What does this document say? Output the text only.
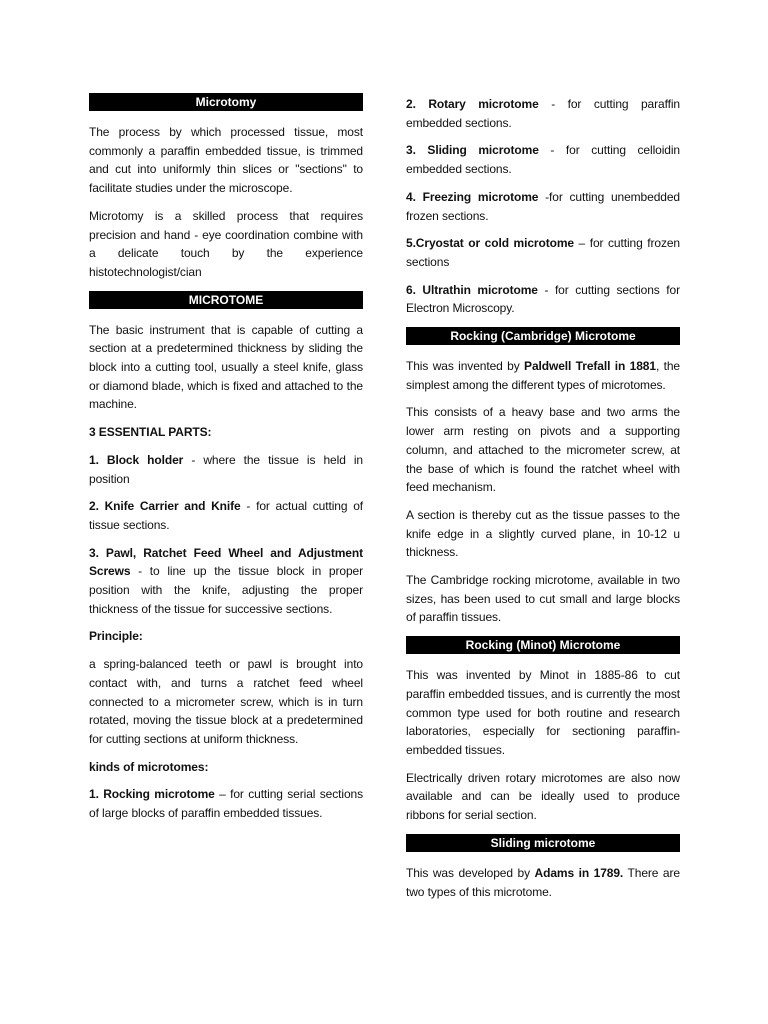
Microtomy

The process by which processed tissue, most commonly a paraffin embedded tissue, is trimmed and cut into uniformly thin slices or "sections" to facilitate studies under the microscope.

Microtomy is a skilled process that requires precision and hand - eye coordination combine with a delicate touch by the experience histotechnologist/cian

MICROTOME

The basic instrument that is capable of cutting a section at a predetermined thickness by sliding the block into a cutting tool, usually a steel knife, glass or diamond blade, which is fixed and attached to the machine.

3 ESSENTIAL PARTS:

1. Block holder - where the tissue is held in position

2. Knife Carrier and Knife - for actual cutting of tissue sections.

3. Pawl, Ratchet Feed Wheel and Adjustment Screws - to line up the tissue block in proper position with the knife, adjusting the proper thickness of the tissue for successive sections.

Principle:

a spring-balanced teeth or pawl is brought into contact with, and turns a ratchet feed wheel connected to a micrometer screw, which is in turn rotated, moving the tissue block at a predetermined for cutting sections at uniform thickness.

kinds of microtomes:

1. Rocking microtome – for cutting serial sections of large blocks of paraffin embedded tissues.

2. Rotary microtome - for cutting paraffin embedded sections.

3. Sliding microtome - for cutting celloidin embedded sections.

4. Freezing microtome -for cutting unembedded frozen sections.

5.Cryostat or cold microtome – for cutting frozen sections

6. Ultrathin microtome - for cutting sections for Electron Microscopy.

Rocking (Cambridge) Microtome

This was invented by Paldwell Trefall in 1881, the simplest among the different types of microtomes.

This consists of a heavy base and two arms the lower arm resting on pivots and a supporting column, and attached to the micrometer screw, at the base of which is found the ratchet wheel with feed mechanism.

A section is thereby cut as the tissue passes to the knife edge in a slightly curved plane, in 10-12 u thickness.

The Cambridge rocking microtome, available in two sizes, has been used to cut small and large blocks of paraffin tissues.

Rocking (Minot) Microtome

This was invented by Minot in 1885-86 to cut paraffin embedded tissues, and is currently the most common type used for both routine and research laboratories, especially for sectioning paraffin- embedded tissues.

Electrically driven rotary microtomes are also now available and can be ideally used to produce ribbons for serial section.

Sliding microtome

This was developed by Adams in 1789. There are two types of this microtome.
